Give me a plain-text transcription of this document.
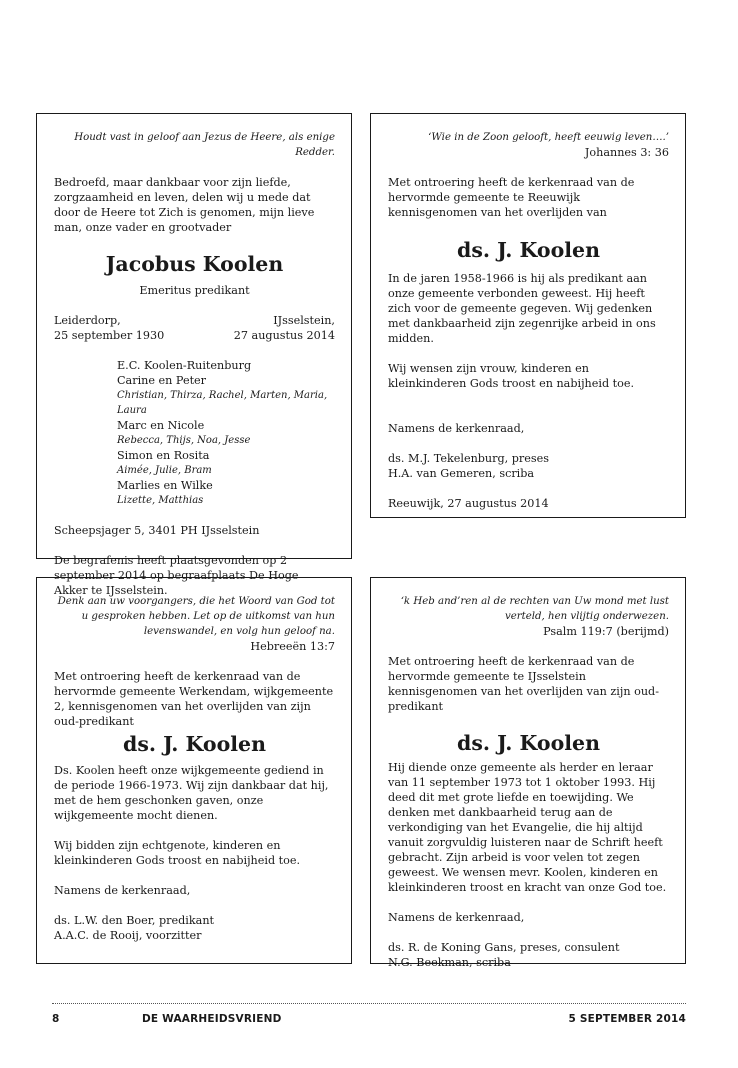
Houdt vast in geloof aan Jezus de Heere, als enige Redder.

Bedroefd, maar dankbaar voor zijn liefde, zorgzaamheid en leven, delen wij u mede dat door de Heere tot Zich is genomen, mijn lieve man, onze vader en grootvader

Jacobus Koolen

Emeritus predikant

Leiderdorp,

25 september 1930

IJsselstein,

27 augustus 2014

E.C. Koolen-Ruitenburg

Carine en Peter

Christian, Thirza, Rachel, Marten, Maria, Laura

Marc en Nicole

Rebecca, Thijs, Noa, Jesse

Simon en Rosita

Aimée, Julie, Bram

Marlies en Wilke

Lizette, Matthias

Scheepsjager 5, 3401 PH IJsselstein

De begrafenis heeft plaatsgevonden op 2 september 2014 op begraafplaats De Hoge Akker te IJsselstein.

‘Wie in de Zoon gelooft, heeft eeuwig leven….’

Johannes 3: 36

Met ontroering heeft de kerkenraad van de hervormde gemeente te Reeuwijk kennisgenomen van het overlijden van

ds. J. Koolen

In de jaren 1958-1966 is hij als predikant aan onze gemeente verbonden geweest. Hij heeft zich voor de gemeente gegeven. Wij gedenken met dankbaarheid zijn zegenrijke arbeid in ons midden.

Wij wensen zijn vrouw, kinderen en kleinkinderen Gods troost en nabijheid toe.

Namens de kerkenraad,

ds. M.J. Tekelenburg, preses

H.A. van Gemeren, scriba

Reeuwijk, 27 augustus 2014

Denk aan uw voorgangers, die het Woord van God tot u gesproken hebben. Let op de uitkomst van hun levenswandel, en volg hun geloof na.

Hebreeën 13:7

Met ontroering heeft de kerkenraad van de hervormde gemeente Werkendam, wijkgemeente 2, kennisgenomen van het overlijden van zijn oud-predikant

ds. J. Koolen

Ds. Koolen heeft onze wijkgemeente gediend in de periode 1966-1973. Wij zijn dankbaar dat hij, met de hem geschonken gaven, onze wijkgemeente mocht dienen.

Wij bidden zijn echtgenote, kinderen en kleinkinderen Gods troost en nabijheid toe.

Namens de kerkenraad,

ds. L.W. den Boer, predikant

A.A.C. de Rooij, voorzitter

‘k Heb and’ren al de rechten van Uw mond met lust verteld, hen vlijtig onderwezen.

Psalm 119:7 (berijmd)

Met ontroering heeft de kerkenraad van de hervormde gemeente te IJsselstein kennisgenomen van het overlijden van zijn oud-predikant

ds. J. Koolen

Hij diende onze gemeente als herder en leraar van 11 september 1973 tot 1 oktober 1993. Hij deed dit met grote liefde en toewijding. We denken met dankbaarheid terug aan de verkondiging van het Evangelie, die hij altijd vanuit zorgvuldig luisteren naar de Schrift heeft gebracht. Zijn arbeid is voor velen tot zegen geweest. We wensen mevr. Koolen, kinderen en kleinkinderen troost en kracht van onze God toe.

Namens de kerkenraad,

ds. R. de Koning Gans, preses, consulent

N.G. Beekman, scriba

8	DE WAARHEIDSVRIEND	5 SEPTEMBER 2014
